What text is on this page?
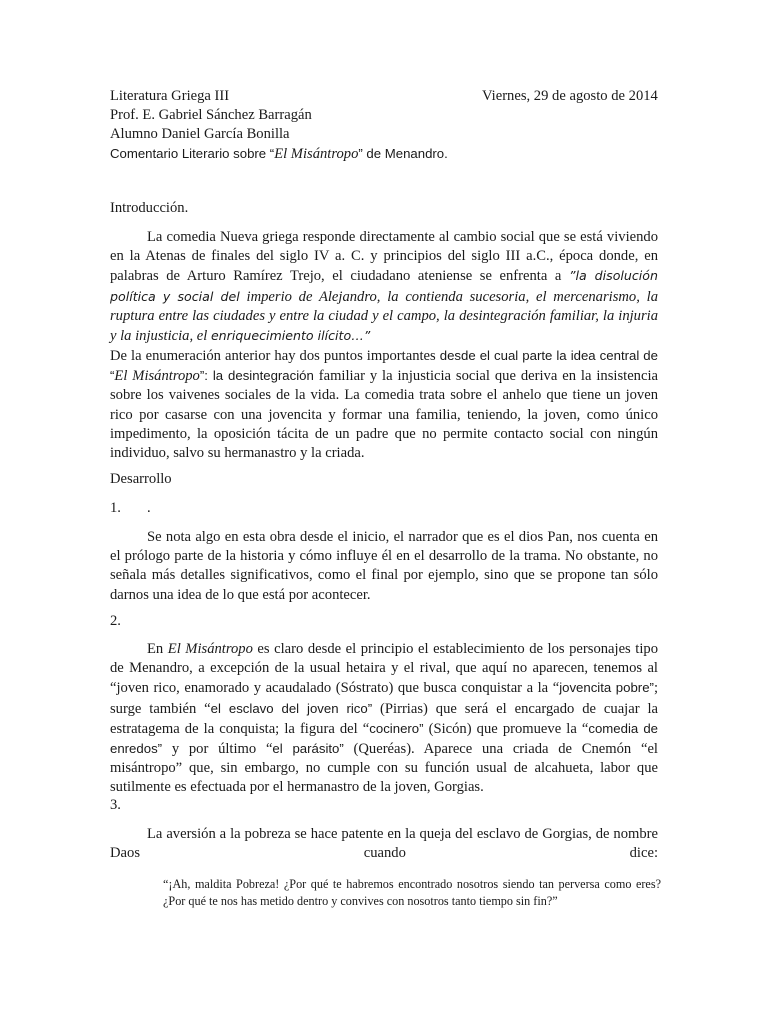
Literatura Griega III	Viernes, 29 de agosto de 2014
Prof. E. Gabriel Sánchez Barragán
Alumno Daniel García Bonilla
Comentario Literario sobre “El Misántropo” de Menandro.
Introducción.
La comedia Nueva griega responde directamente al cambio social que se está viviendo en la Atenas de finales del siglo IV a. C. y principios del siglo III a.C., época donde, en palabras de Arturo Ramírez Trejo, el ciudadano ateniense se enfrenta a ”la disolución política y social del imperio de Alejandro, la contienda sucesoria, el mercenarismo, la ruptura entre las ciudades y entre la ciudad y el campo, la desintegración familiar, la injuria y la injusticia, el enriquecimiento ilícito…”
De la enumeración anterior hay dos puntos importantes desde el cual parte la idea central de “El Misántropo”: la desintegración familiar y la injusticia social que deriva en la insistencia sobre los vaivenes sociales de la vida. La comedia trata sobre el anhelo que tiene un joven rico por casarse con una jovencita y formar una familia, teniendo, la joven, como único impedimento, la oposición tácita de un padre que no permite contacto social con ningún individuo, salvo su hermanastro y la criada.
Desarrollo
1.	.
Se nota algo en esta obra desde el inicio, el narrador que es el dios Pan, nos cuenta en el prólogo parte de la historia y cómo influye él en el desarrollo de la trama. No obstante, no señala más detalles significativos, como el final por ejemplo, sino que se propone tan sólo darnos una idea de lo que está por acontecer.
2.
En El Misántropo es claro desde el principio el establecimiento de los personajes tipo de Menandro, a excepción de la usual hetaira y el rival, que aquí no aparecen, tenemos al “joven rico, enamorado y acaudalado (Sóstrato) que busca conquistar a la “jovencita pobre”; surge también “el esclavo del joven rico” (Pirrias) que será el encargado de cuajar la estratagema de la conquista; la figura del “cocinero” (Sicón) que promueve la “comedia de enredos” y por último “el parásito” (Queréas). Aparece una criada de Cnemón “el misántropo” que, sin embargo, no cumple con su función usual de alcahueta, labor que sutilmente es efectuada por el hermanastro de la joven, Gorgias.
3.
La aversión a la pobreza se hace patente en la queja del esclavo de Gorgias, de nombre Daos cuando dice:
“¡Ah, maldita Pobreza! ¿Por qué te habremos encontrado nosotros siendo tan perversa como eres? ¿Por qué te nos has metido dentro y convives con nosotros tanto tiempo sin fin?”
